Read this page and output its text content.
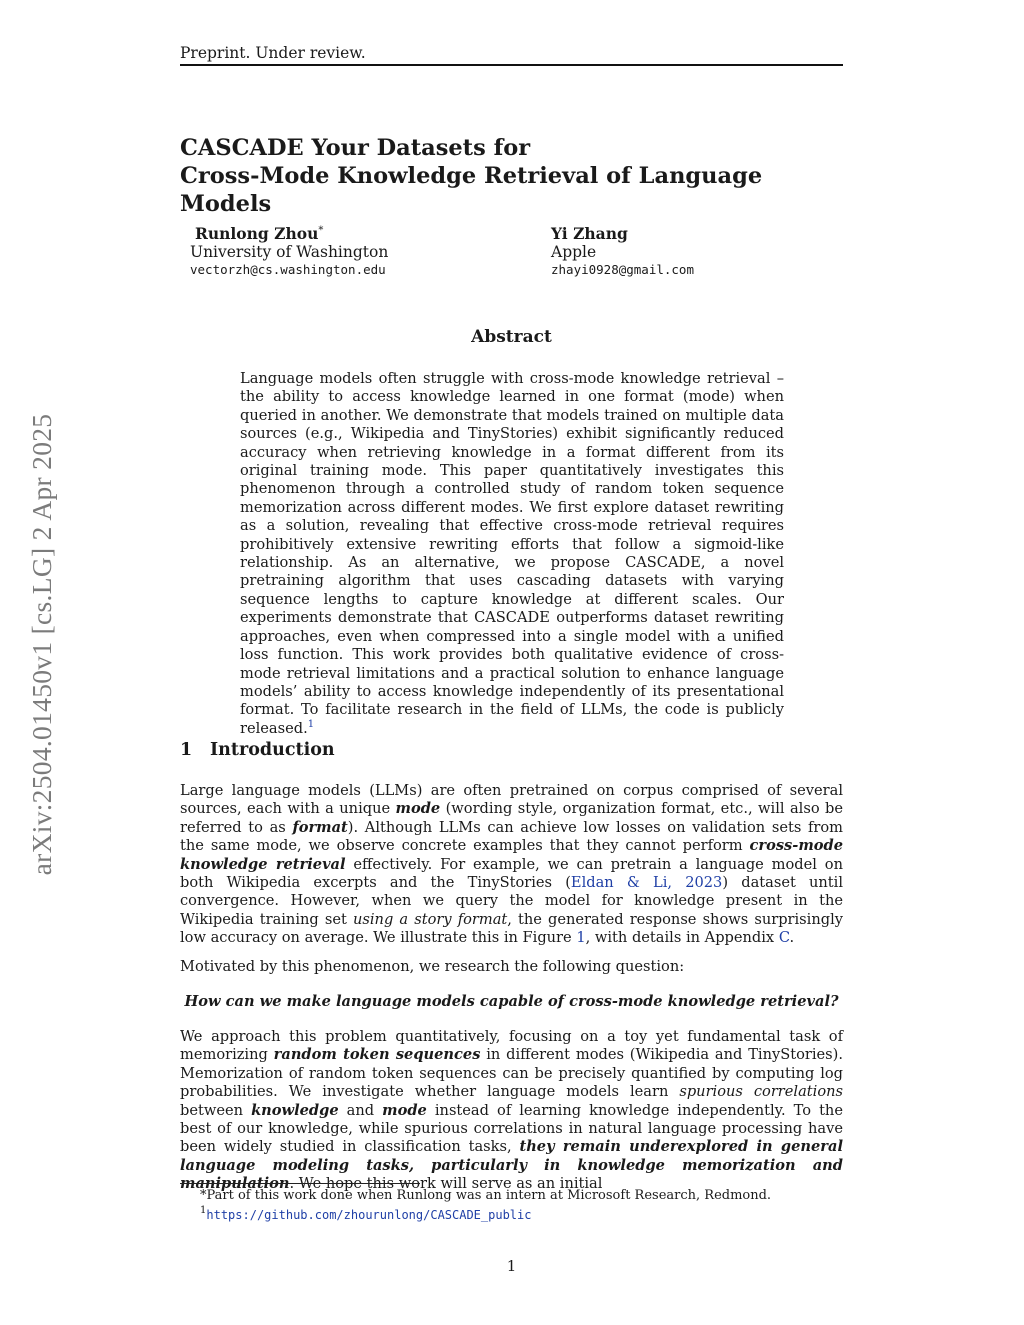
Preprint. Under review.
arXiv:2504.01450v1 [cs.LG] 2 Apr 2025
CASCADE Your Datasets for
Cross-Mode Knowledge Retrieval of Language Models
Runlong Zhou*
University of Washington
vectorzh@cs.washington.edu
Yi Zhang
Apple
zhayi0928@gmail.com
Abstract

Language models often struggle with cross-mode knowledge retrieval – the ability to access knowledge learned in one format (mode) when queried in another. We demonstrate that models trained on multiple data sources (e.g., Wikipedia and TinyStories) exhibit significantly reduced accuracy when retrieving knowledge in a format different from its original training mode. This paper quantitatively investigates this phenomenon through a controlled study of random token sequence memorization across different modes. We first explore dataset rewriting as a solution, revealing that effective cross-mode retrieval requires prohibitively extensive rewriting efforts that follow a sigmoid-like relationship. As an alternative, we propose CASCADE, a novel pretraining algorithm that uses cascading datasets with varying sequence lengths to capture knowledge at different scales. Our experiments demonstrate that CASCADE outperforms dataset rewriting approaches, even when compressed into a single model with a unified loss function. This work provides both qualitative evidence of cross-mode retrieval limitations and a practical solution to enhance language models’ ability to access knowledge independently of its presentational format. To facilitate research in the field of LLMs, the code is publicly released.$^1$

1 Introduction

Large language models (LLMs) are often pretrained on corpus comprised of several sources, each with a unique mode (wording style, organization format, etc., will also be referred to as format). Although LLMs can achieve low losses on validation sets from the same mode, we observe concrete examples that they cannot perform cross-mode knowledge retrieval effectively. For example, we can pretrain a language model on both Wikipedia excerpts and the TinyStories (Eldan & Li, 2023) dataset until convergence. However, when we query the model for knowledge present in the Wikipedia training set using a story format, the generated response shows surprisingly low accuracy on average. We illustrate this in Figure 1, with details in Appendix C.

Motivated by this phenomenon, we research the following question:
How can we make language models capable of cross-mode knowledge retrieval?

We approach this problem quantitatively, focusing on a toy yet fundamental task of memorizing random token sequences in different modes (Wikipedia and TinyStories). Memorization of random token sequences can be precisely quantified by computing log probabilities. We investigate whether language models learn spurious correlations between knowledge and mode instead of learning knowledge independently. To the best of our knowledge, while spurious correlations in natural language processing have been widely studied in classification tasks, they remain underexplored in general language modeling tasks, particularly in knowledge memorization and manipulation. We hope this work will serve as an initial

*Part of this work done when Runlong was an intern at Microsoft Research, Redmond.
$^1$https://github.com/zhourunlong/CASCADE_public
1
